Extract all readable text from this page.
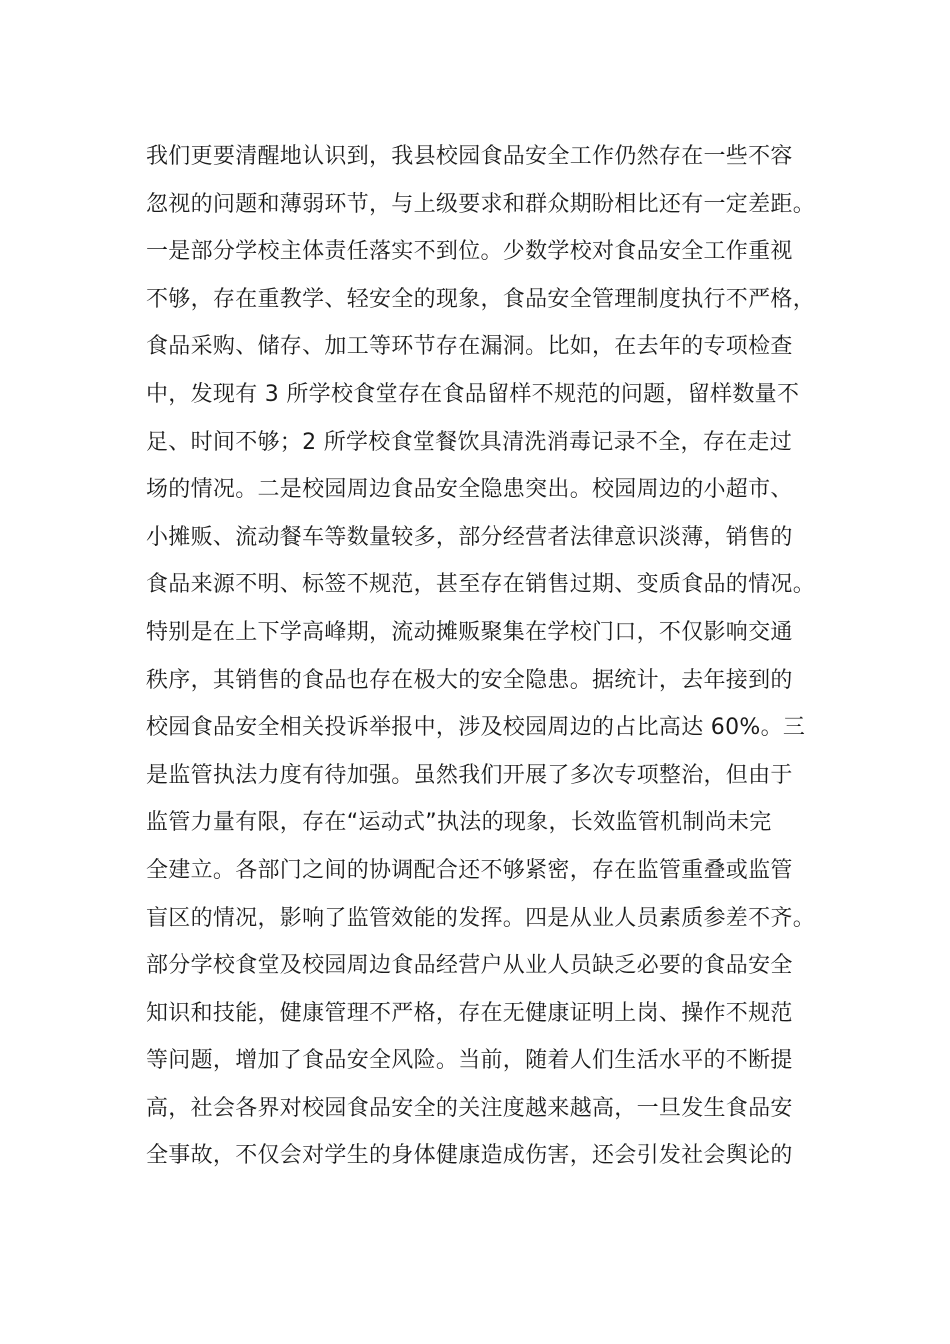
我们更要清醒地认识到，我县校园食品安全工作仍然存在一些不容
忽视的问题和薄弱环节，与上级要求和群众期盼相比还有一定差距。
一是部分学校主体责任落实不到位。少数学校对食品安全工作重视
不够，存在重教学、轻安全的现象，食品安全管理制度执行不严格，
食品采购、储存、加工等环节存在漏洞。比如，在去年的专项检查
中，发现有 3 所学校食堂存在食品留样不规范的问题，留样数量不
足、时间不够；2 所学校食堂餐饮具清洗消毒记录不全，存在走过
场的情况。二是校园周边食品安全隐患突出。校园周边的小超市、
小摊贩、流动餐车等数量较多，部分经营者法律意识淡薄，销售的
食品来源不明、标签不规范，甚至存在销售过期、变质食品的情况。
特别是在上下学高峰期，流动摊贩聚集在学校门口，不仅影响交通
秩序，其销售的食品也存在极大的安全隐患。据统计，去年接到的
校园食品安全相关投诉举报中，涉及校园周边的占比高达 60%。三
是监管执法力度有待加强。虽然我们开展了多次专项整治，但由于
监管力量有限，存在“运动式”执法的现象，长效监管机制尚未完
全建立。各部门之间的协调配合还不够紧密，存在监管重叠或监管
盲区的情况，影响了监管效能的发挥。四是从业人员素质参差不齐。
部分学校食堂及校园周边食品经营户从业人员缺乏必要的食品安全
知识和技能，健康管理不严格，存在无健康证明上岗、操作不规范
等问题，增加了食品安全风险。当前，随着人们生活水平的不断提
高，社会各界对校园食品安全的关注度越来越高，一旦发生食品安
全事故，不仅会对学生的身体健康造成伤害，还会引发社会舆论的
